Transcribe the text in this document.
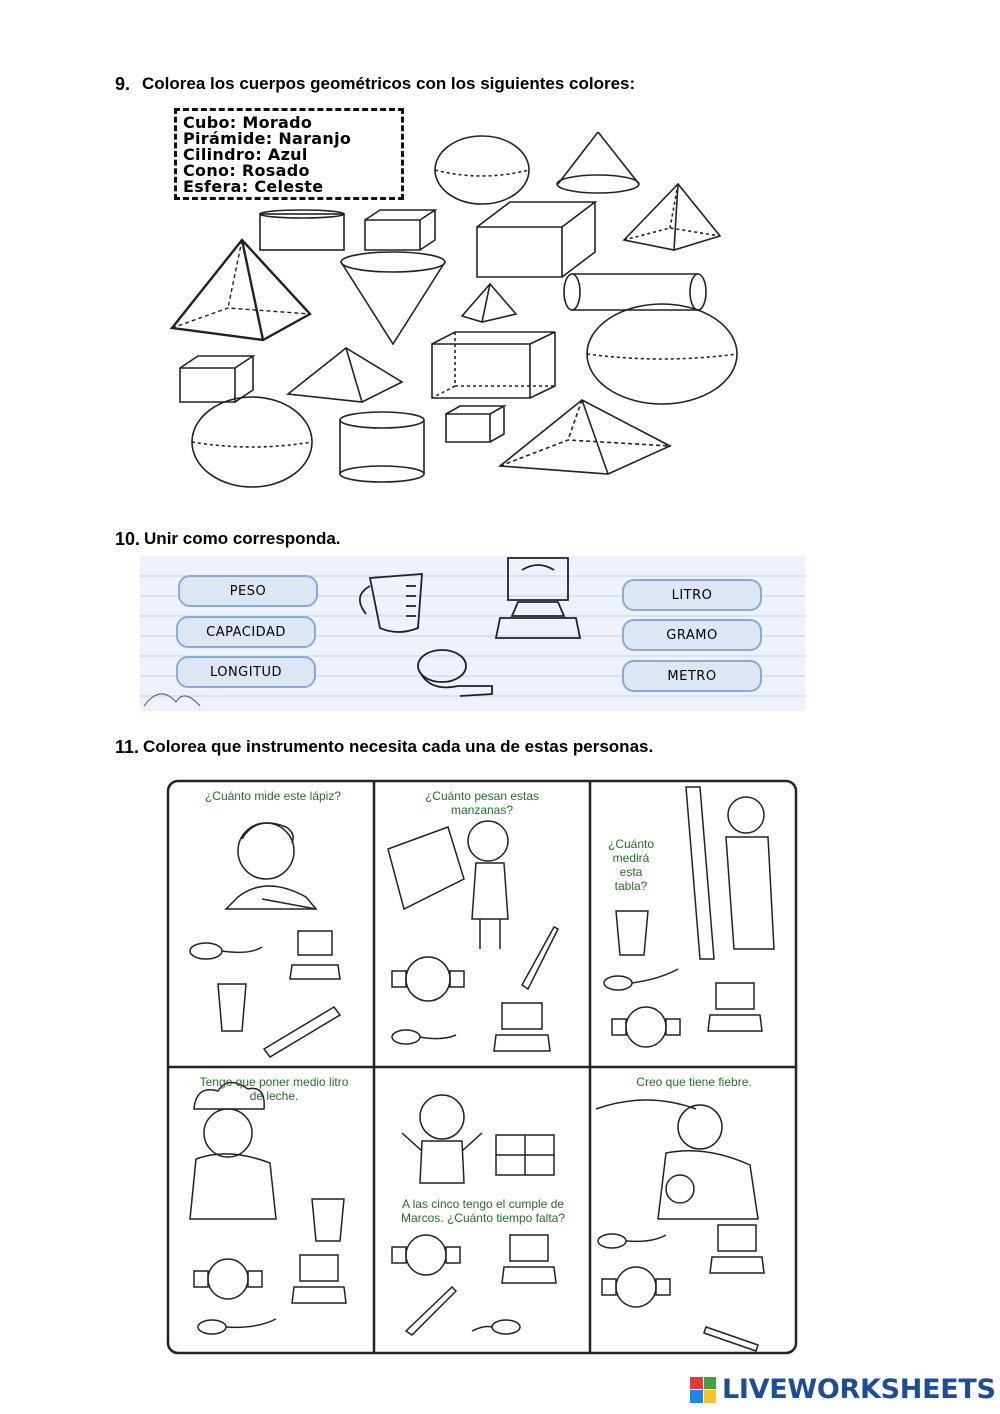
9. Colorea los cuerpos geométricos con los siguientes colores:
Cubo: Morado
Pirámide: Naranjo
Cilindro: Azul
Cono: Rosado
Esfera: Celeste
10. Unir como corresponda.
PESO
CAPACIDAD
LONGITUD
LITRO
GRAMO
METRO
11. Colorea que instrumento necesita cada una de estas personas.
¿Cuánto mide este lápiz?	¿Cuánto pesan estas
manzanas?
¿Cuánto
medirá
esta
tabla?
Tengo que poner medio litro
de leche.
A las cinco tengo el cumple de
Marcos. ¿Cuánto tiempo falta?
Creo que tiene fiebre.
LIVEWORKSHEETS
